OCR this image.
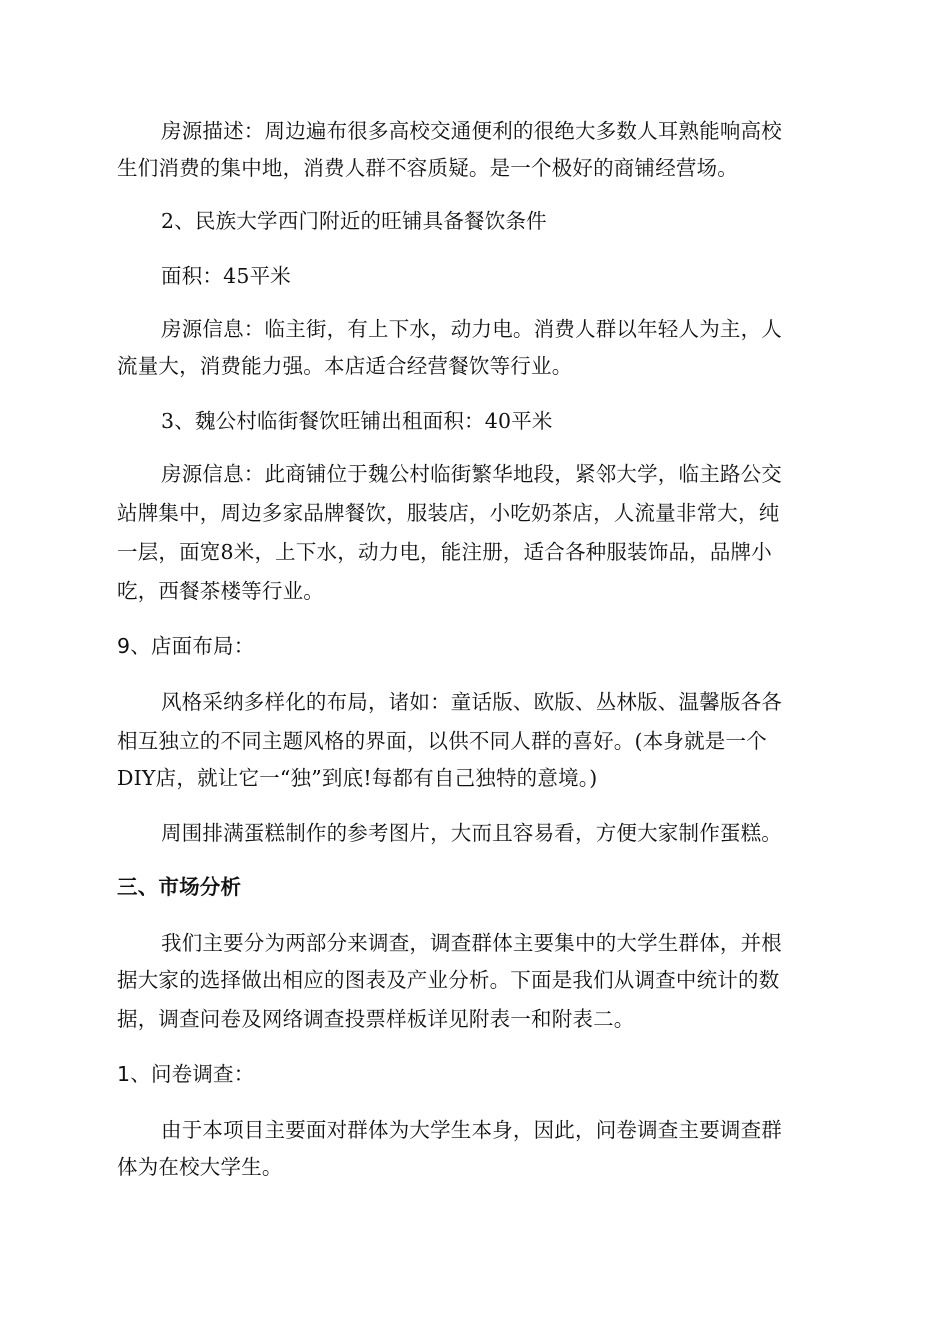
房源描述：周边遍布很多高校交通便利的很绝大多数人耳熟能响高校
生们消费的集中地，消费人群不容质疑。是一个极好的商铺经营场。
2、民族大学西门附近的旺铺具备餐饮条件
面积：45平米
房源信息：临主街，有上下水，动力电。消费人群以年轻人为主，人
流量大，消费能力强。本店适合经营餐饮等行业。
3、魏公村临街餐饮旺铺出租面积：40平米
房源信息：此商铺位于魏公村临街繁华地段，紧邻大学，临主路公交
站牌集中，周边多家品牌餐饮，服装店，小吃奶茶店，人流量非常大，纯
一层，面宽8米，上下水，动力电，能注册，适合各种服装饰品，品牌小
吃，西餐茶楼等行业。
9、店面布局：
风格采纳多样化的布局，诸如：童话版、欧版、丛林版、温馨版各各
相互独立的不同主题风格的界面，以供不同人群的喜好。(本身就是一个
DIY店，就让它一“独”到底!每都有自己独特的意境。)
周围排满蛋糕制作的参考图片，大而且容易看，方便大家制作蛋糕。
三、市场分析
我们主要分为两部分来调查，调查群体主要集中的大学生群体，并根
据大家的选择做出相应的图表及产业分析。下面是我们从调查中统计的数
据，调查问卷及网络调查投票样板详见附表一和附表二。
1、问卷调查：
由于本项目主要面对群体为大学生本身，因此，问卷调查主要调查群
体为在校大学生。
